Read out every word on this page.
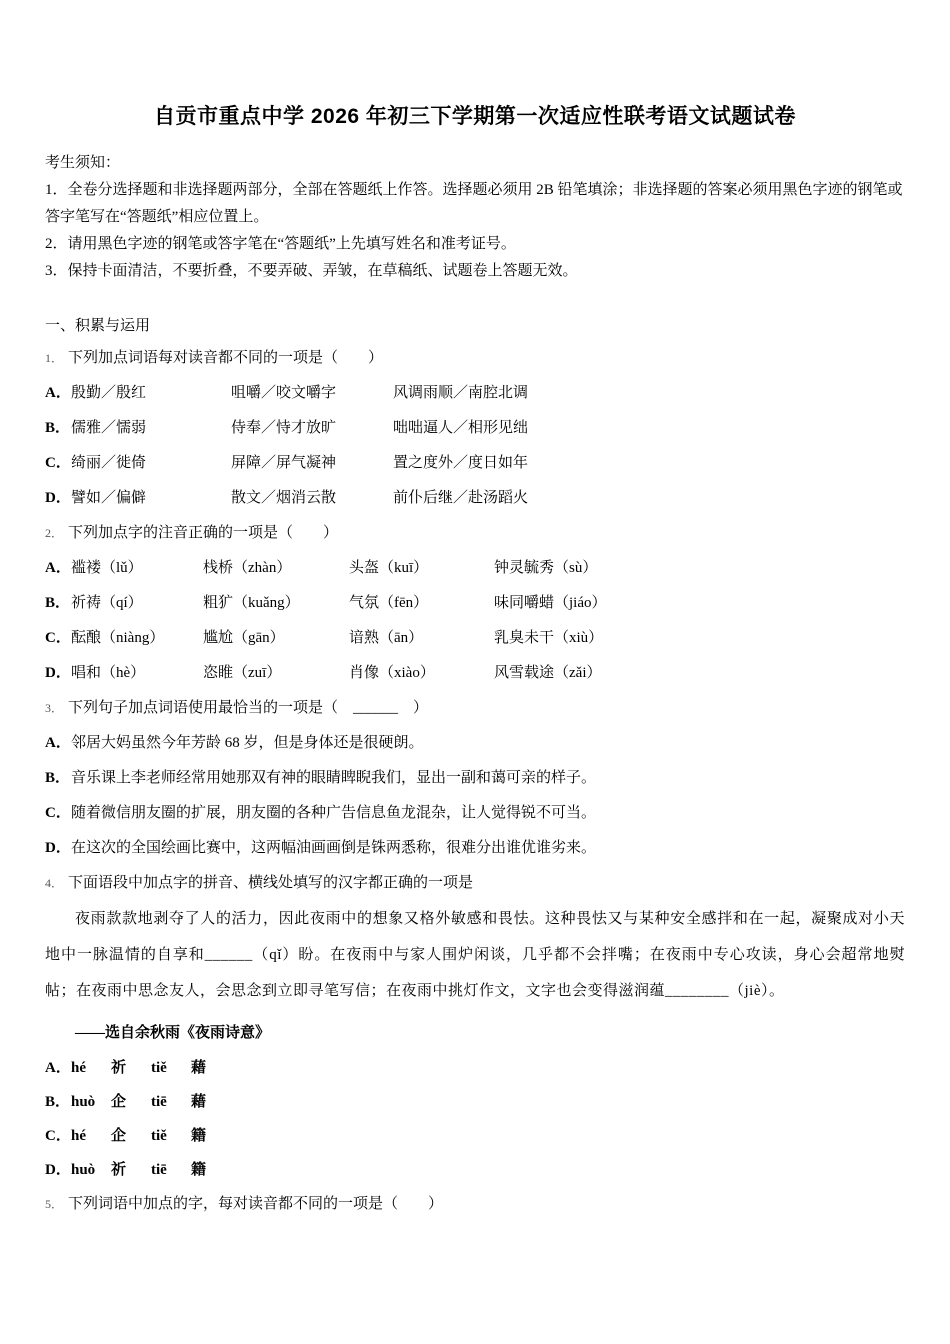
自贡市重点中学 2026 年初三下学期第一次适应性联考语文试题试卷

考生须知：

1．全卷分选择题和非选择题两部分，全部在答题纸上作答。选择题必须用 2B 铅笔填涂；非选择题的答案必须用黑色字迹的钢笔或答字笔写在“答题纸”相应位置上。

2．请用黑色字迹的钢笔或答字笔在“答题纸”上先填写姓名和准考证号。

3．保持卡面清洁，不要折叠，不要弄破、弄皱，在草稿纸、试题卷上答题无效。

一、积累与运用

1． 下列加点词语每对读音都不同的一项是（　　）

A．殷勤／殷红	咀嚼／咬文嚼字	风调雨顺／南腔北调
B．儒雅／懦弱	侍奉／恃才放旷	咄咄逼人／相形见绌
C．绮丽／徙倚	屏障／屏气凝神	置之度外／度日如年
D．譬如／偏僻	散文／烟消云散	前仆后继／赴汤蹈火

2． 下列加点字的注音正确的一项是（　　）

A．褴褛（lǔ）	栈桥（zhàn）	头盔（kuī）	钟灵毓秀（sù）
B．祈祷（qí）	粗犷（kuǎng）	气氛（fēn）	味同嚼蜡（jiáo）
C．酝酿（niàng）	尴尬（gān）	谙熟（ān）	乳臭未干（xiù）
D．唱和（hè）	恣睢（zuī）	肖像（xiào）	风雪载途（zǎi）

3． 下列句子加点词语使用最恰当的一项是（　______　）

A．邻居大妈虽然今年芳龄 68 岁，但是身体还是很硬朗。
B．音乐课上李老师经常用她那双有神的眼睛睥睨我们，显出一副和蔼可亲的样子。
C．随着微信朋友圈的扩展，朋友圈的各种广告信息鱼龙混杂，让人觉得锐不可当。
D．在这次的全国绘画比赛中，这两幅油画画倒是铢两悉称，很难分出谁优谁劣来。

4． 下面语段中加点字的拼音、横线处填写的汉字都正确的一项是

夜雨款款地剥夺了人的活力，因此夜雨中的想象又格外敏感和畏怯。这种畏怯又与某种安全感拌和在一起，凝聚成对小天地中一脉温情的自享和______（qǐ）盼。在夜雨中与家人围炉闲谈，几乎都不会拌嘴；在夜雨中专心攻读，身心会超常地熨帖；在夜雨中思念友人，会思念到立即寻笔写信；在夜雨中挑灯作文，文字也会变得滋润蕴________（jiè）。

——选自余秋雨《夜雨诗意》

A．hé 祈 tiě 藉
B．huò 企 tiē 藉
C．hé 企 tiě 籍
D．huò 祈 tiē 籍

5． 下列词语中加点的字，每对读音都不同的一项是（　　）
